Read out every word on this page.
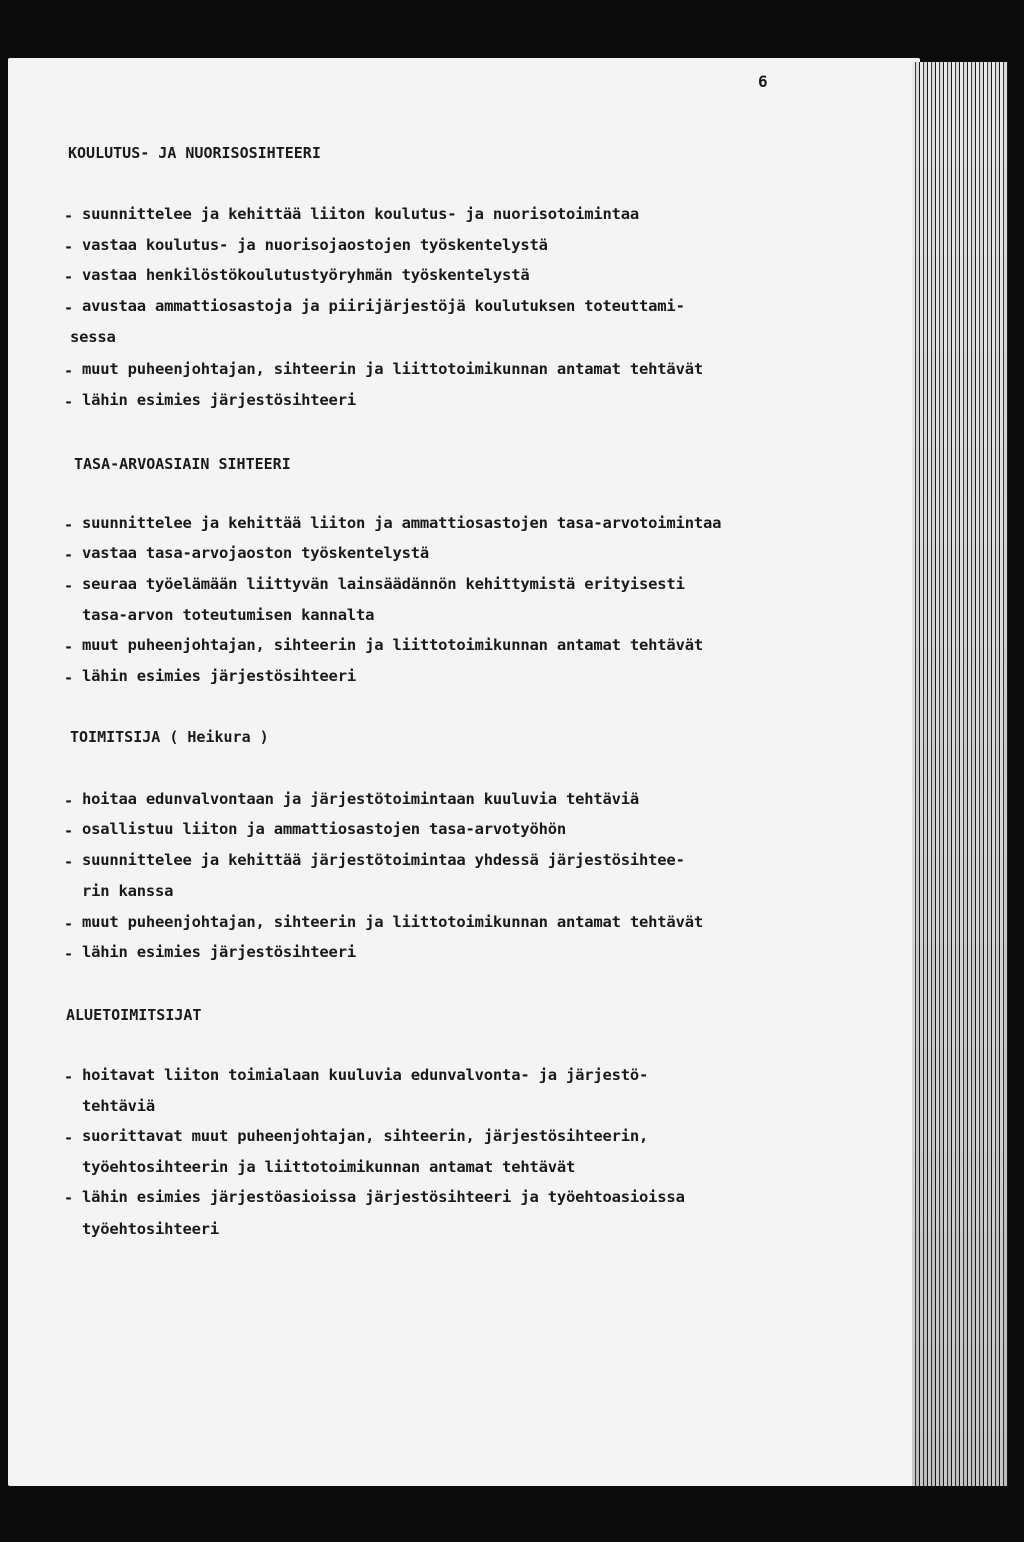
6
KOULUTUS- JA NUORISOSIHTEERI
- suunnittelee ja kehittää liiton koulutus- ja nuorisotoimintaa
- vastaa koulutus- ja nuorisojaostojen työskentelystä
- vastaa henkilöstökoulutustyöryhmän työskentelystä
- avustaa ammattiosastoja ja piirijärjestöjä koulutuksen toteuttami-
sessa
- muut puheenjohtajan, sihteerin ja liittotoimikunnan antamat tehtävät
- lähin esimies järjestösihteeri
TASA-ARVOASIAIN SIHTEERI
- suunnittelee ja kehittää liiton ja ammattiosastojen tasa-arvotoimintaa
- vastaa tasa-arvojaoston työskentelystä
- seuraa työelämään liittyvän lainsäädännön kehittymistä erityisesti
tasa-arvon toteutumisen kannalta
- muut puheenjohtajan, sihteerin ja liittotoimikunnan antamat tehtävät
- lähin esimies järjestösihteeri
TOIMITSIJA ( Heikura )
- hoitaa edunvalvontaan ja järjestötoimintaan kuuluvia tehtäviä
- osallistuu liiton ja ammattiosastojen tasa-arvotyöhön
- suunnittelee ja kehittää järjestötoimintaa yhdessä järjestösihtee-
rin kanssa
- muut puheenjohtajan, sihteerin ja liittotoimikunnan antamat tehtävät
- lähin esimies järjestösihteeri
ALUETOIMITSIJAT
- hoitavat liiton toimialaan kuuluvia edunvalvonta- ja järjestö-
tehtäviä
- suorittavat muut puheenjohtajan, sihteerin, järjestösihteerin,
työehtosihteerin ja liittotoimikunnan antamat tehtävät
- lähin esimies järjestöasioissa järjestösihteeri ja työehtoasioissa
työehtosihteeri
